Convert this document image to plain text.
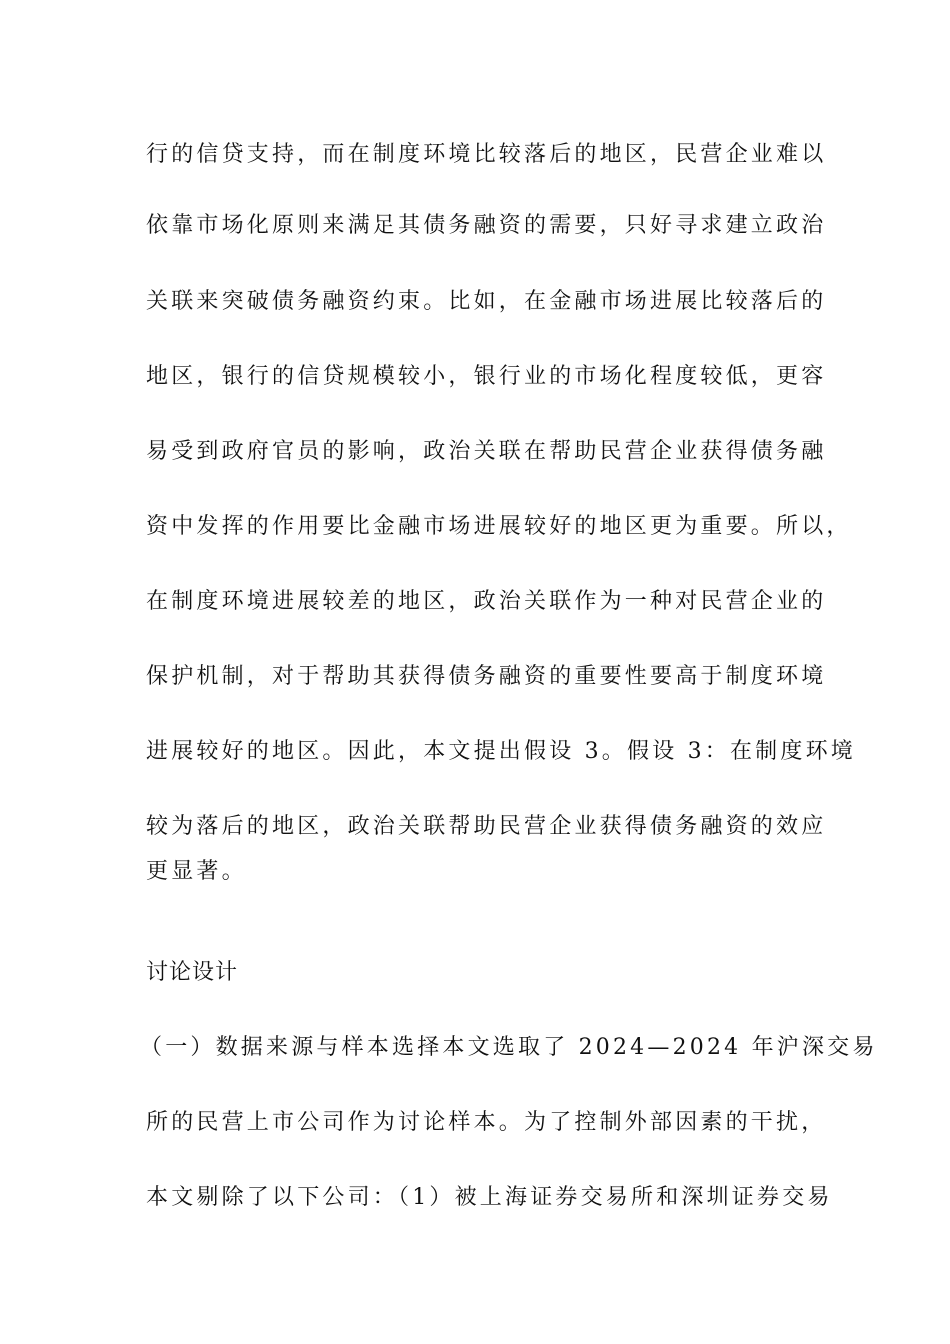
行的信贷支持，而在制度环境比较落后的地区，民营企业难以
依靠市场化原则来满足其债务融资的需要，只好寻求建立政治
关联来突破债务融资约束。比如，在金融市场进展比较落后的
地区，银行的信贷规模较小，银行业的市场化程度较低，更容
易受到政府官员的影响，政治关联在帮助民营企业获得债务融
资中发挥的作用要比金融市场进展较好的地区更为重要。所以，
在制度环境进展较差的地区，政治关联作为一种对民营企业的
保护机制，对于帮助其获得债务融资的重要性要高于制度环境
进展较好的地区。因此，本文提出假设 3。假设 3：在制度环境
较为落后的地区，政治关联帮助民营企业获得债务融资的效应
更显著。
讨论设计
（一）数据来源与样本选择本文选取了 2024—2024 年沪深交易
所的民营上市公司作为讨论样本。为了控制外部因素的干扰，
本文剔除了以下公司：（1）被上海证券交易所和深圳证券交易
